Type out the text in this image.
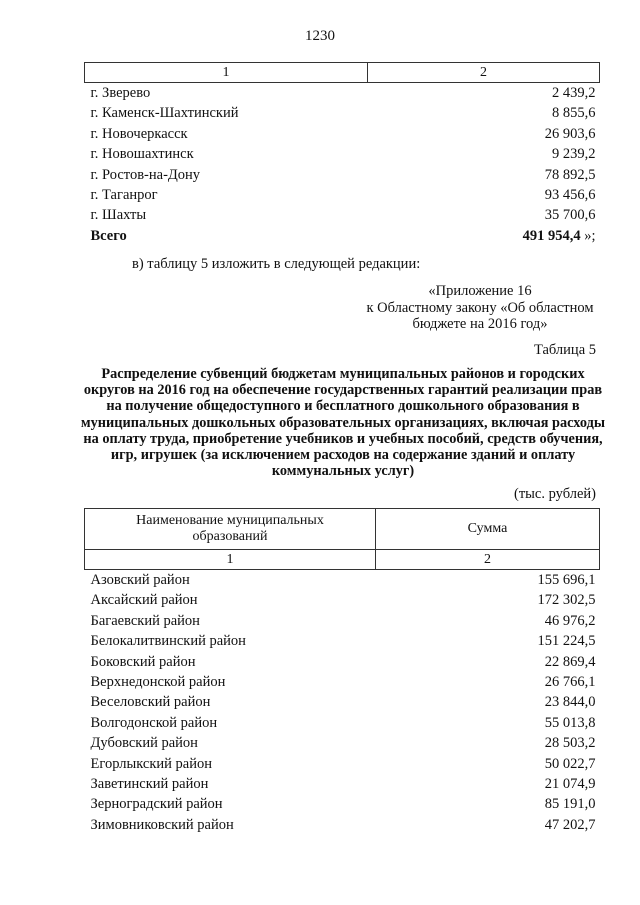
1230
1	2
г. Зверево	2 439,2
г. Каменск-Шахтинский	8 855,6
г. Новочеркасск	26 903,6
г. Новошахтинск	9 239,2
г. Ростов-на-Дону	78 892,5
г. Таганрог	93 456,6
г. Шахты	35 700,6
Всего	491 954,4 »;
в) таблицу 5 изложить в следующей редакции:
«Приложение 16
к Областному закону «Об областном
бюджете на 2016 год»
Таблица 5
Распределение субвенций бюджетам муниципальных районов и городских округов на 2016 год на обеспечение государственных гарантий реализации прав на получение общедоступного и бесплатного дошкольного образования в муниципальных дошкольных образовательных организациях, включая расходы на оплату труда, приобретение учебников и учебных пособий, средств обучения, игр, игрушек (за исключением расходов на содержание зданий и оплату коммунальных услуг)
(тыс. рублей)
Наименование муниципальных образований	Сумма
1	2
Азовский район	155 696,1
Аксайский район	172 302,5
Багаевский район	46 976,2
Белокалитвинский район	151 224,5
Боковский район	22 869,4
Верхнедонской район	26 766,1
Веселовский район	23 844,0
Волгодонской район	55 013,8
Дубовский район	28 503,2
Егорлыкский район	50 022,7
Заветинский район	21 074,9
Зерноградский район	85 191,0
Зимовниковский район	47 202,7
